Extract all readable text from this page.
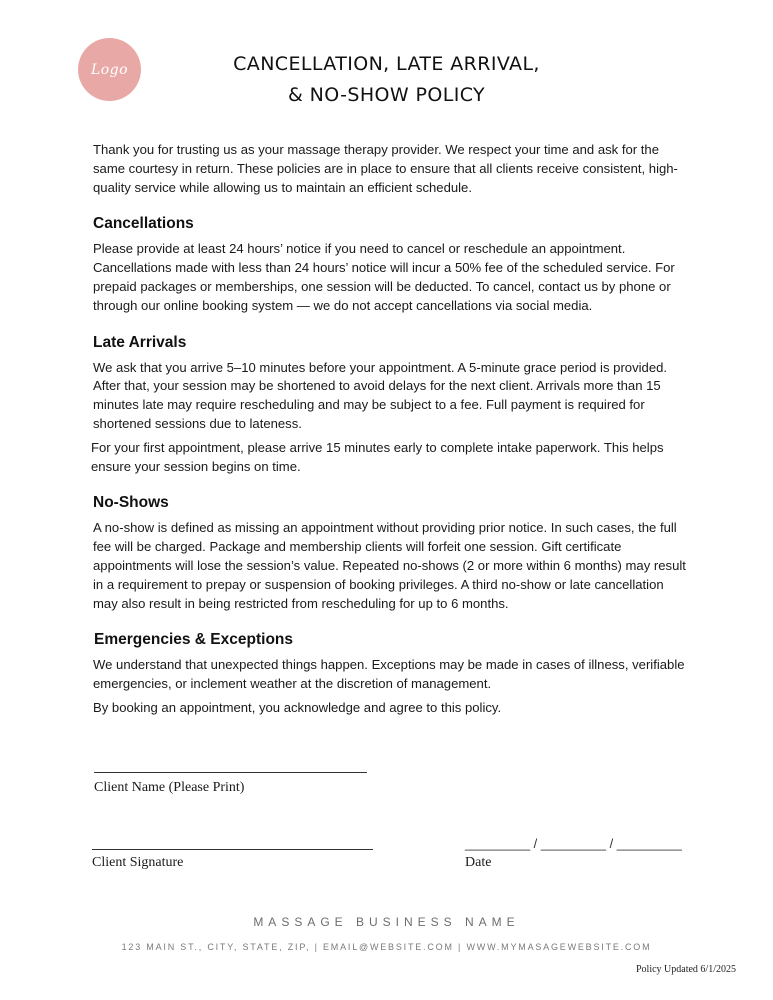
Logo	CANCELLATION, LATE ARRIVAL,
& NO-SHOW POLICY

Thank you for trusting us as your massage therapy provider. We respect your time and ask for the same courtesy in return. These policies are in place to ensure that all clients receive consistent, high-quality service while allowing us to maintain an efficient schedule.

Cancellations

Please provide at least 24 hours’ notice if you need to cancel or reschedule an appointment. Cancellations made with less than 24 hours’ notice will incur a 50% fee of the scheduled service. For prepaid packages or memberships, one session will be deducted. To cancel, contact us by phone or through our online booking system — we do not accept cancellations via social media.

Late Arrivals

We ask that you arrive 5–10 minutes before your appointment. A 5-minute grace period is provided. After that, your session may be shortened to avoid delays for the next client. Arrivals more than 15 minutes late may require rescheduling and may be subject to a fee. Full payment is required for shortened sessions due to lateness.

For your first appointment, please arrive 15 minutes early to complete intake paperwork. This helps ensure your session begins on time.

No-Shows

A no-show is defined as missing an appointment without providing prior notice. In such cases, the full fee will be charged. Package and membership clients will forfeit one session. Gift certificate appointments will lose the session’s value. Repeated no-shows (2 or more within 6 months) may result in a requirement to prepay or suspension of booking privileges. A third no-show or late cancellation may also result in being restricted from rescheduling for up to 6 months.

Emergencies & Exceptions

We understand that unexpected things happen. Exceptions may be made in cases of illness, verifiable emergencies, or inclement weather at the discretion of management.

By booking an appointment, you acknowledge and agree to this policy.

Client Name (Please Print)
Client Signature
_________ / _________ / _________
Date
MASSAGE BUSINESS NAME
123 MAIN ST., CITY, STATE, ZIP, | EMAIL@WEBSITE.COM | WWW.MYMASAGEWEBSITE.COM
Policy Updated 6/1/2025
